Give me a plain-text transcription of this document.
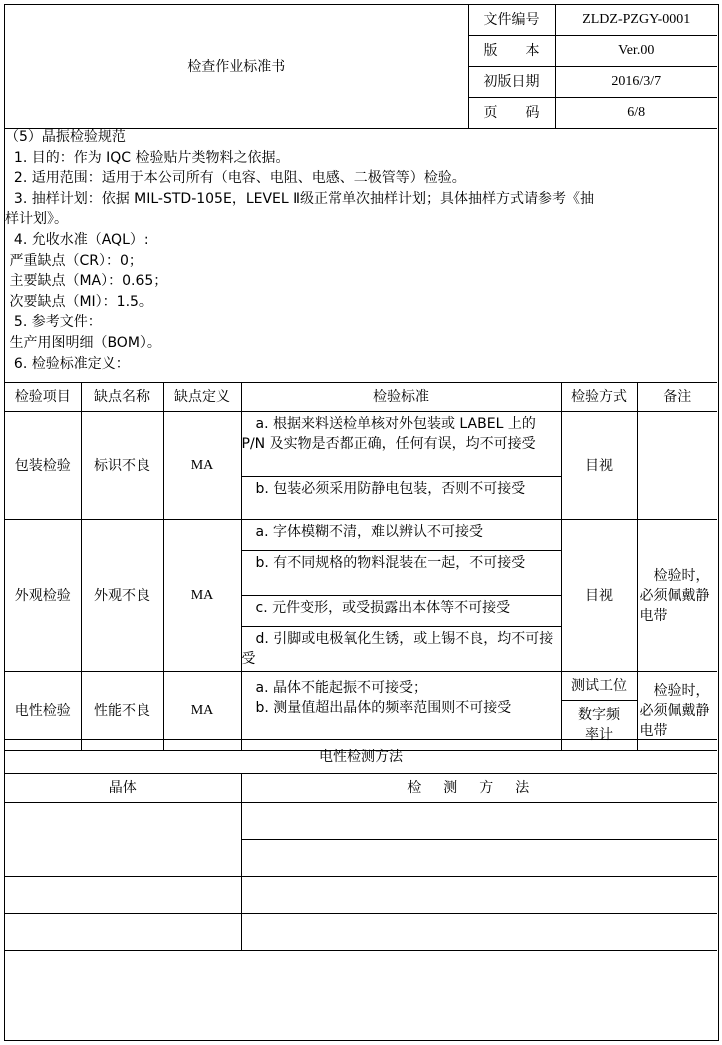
检查作业标准书	文件编号	ZLDZ-PZGY-0001
	版　　本	Ver.00
	初版日期	2016/3/7
	页　　码	6/8
（5）晶振检验规范
1. 目的：作为 IQC 检验贴片类物料之依据。
2. 适用范围：适用于本公司所有（电容、电阻、电感、二极管等）检验。
3. 抽样计划：依据 MIL-STD-105E，LEVEL Ⅱ级正常单次抽样计划；具体抽样方式请参考《抽
样计划》。
4. 允收水准（AQL）:
严重缺点（CR）：0；
主要缺点（MA）：0.65；
次要缺点（MI）：1.5。
5. 参考文件：
生产用图明细（BOM）。
6. 检验标准定义：
检验项目	缺点名称	缺点定义	检验标准	检验方式	备注
包装检验	标识不良	MA	　a. 根据来料送检单核对外包装或 LABEL 上的 P/N 及实物是否都正确，任何有误，均不可接受	目视	
			　b. 包装必须采用防静电包装，否则不可接受		
外观检验	外观不良	MA	　a. 字体模糊不清，难以辨认不可接受	目视	　检验时，必须佩戴静电带
			　b. 有不同规格的物料混装在一起，不可接受		
			　c. 元件变形，或受损露出本体等不可接受		
			　d. 引脚或电极氧化生锈，或上锡不良，均不可接受		
电性检验	性能不良	MA	　a. 晶体不能起振不可接受；
　b. 测量值超出晶体的频率范围则不可接受	测试工位	　检验时，必须佩戴静电带
				数字频率计	
电性检测方法	
晶体	检测方法
